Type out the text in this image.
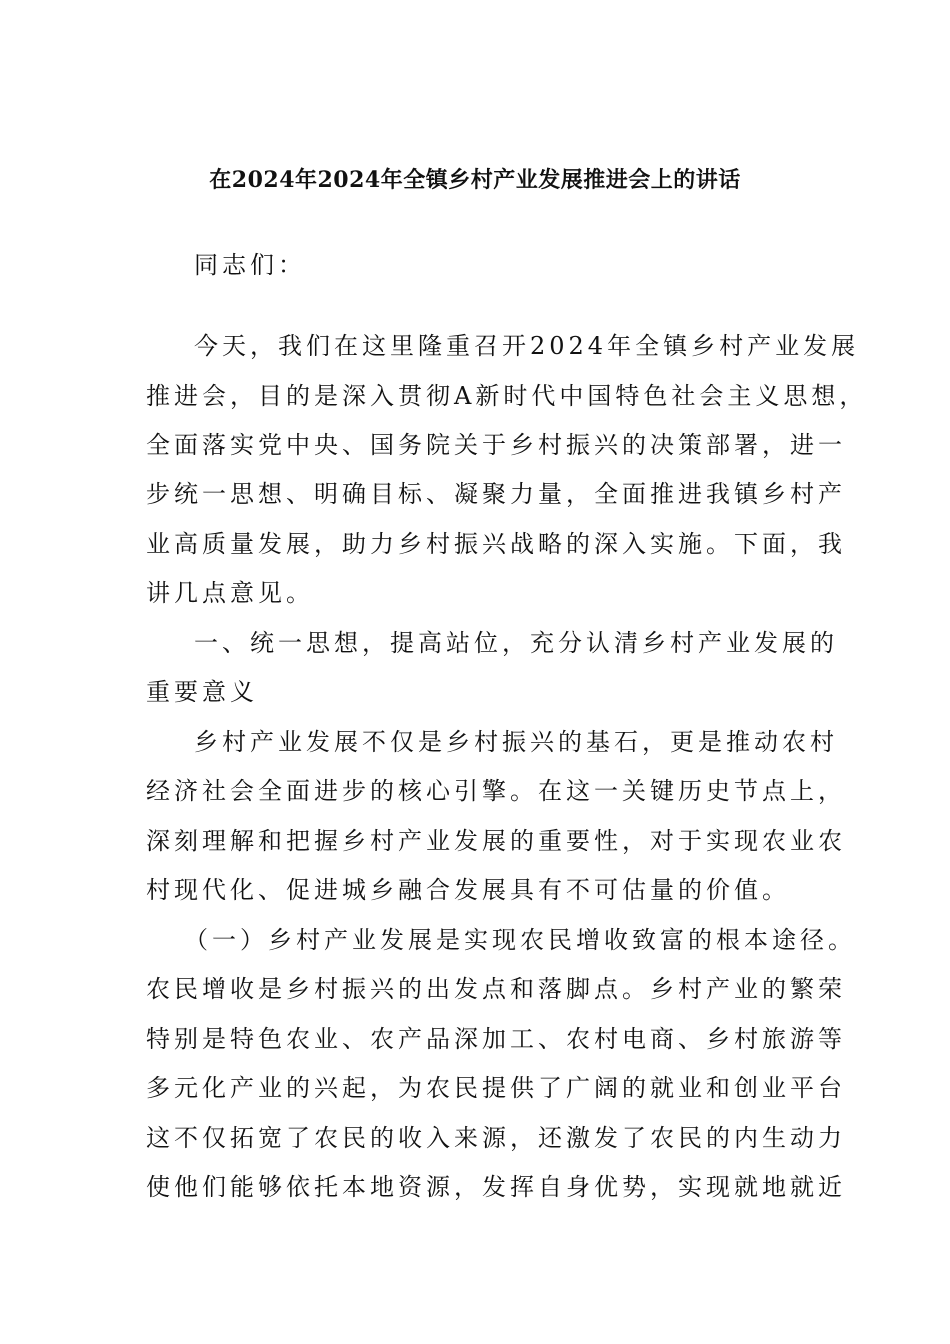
在2024年2024年全镇乡村产业发展推进会上的讲话
同志们：
今天，我们在这里隆重召开2024年全镇乡村产业发展
推进会，目的是深入贯彻A新时代中国特色社会主义思想，
全面落实党中央、国务院关于乡村振兴的决策部署，进一
步统一思想、明确目标、凝聚力量，全面推进我镇乡村产
业高质量发展，助力乡村振兴战略的深入实施。下面，我
讲几点意见。
一、统一思想，提高站位，充分认清乡村产业发展的
重要意义
乡村产业发展不仅是乡村振兴的基石，更是推动农村
经济社会全面进步的核心引擎。在这一关键历史节点上，
深刻理解和把握乡村产业发展的重要性，对于实现农业农
村现代化、促进城乡融合发展具有不可估量的价值。
（一）乡村产业发展是实现农民增收致富的根本途径。
农民增收是乡村振兴的出发点和落脚点。乡村产业的繁荣
特别是特色农业、农产品深加工、农村电商、乡村旅游等
多元化产业的兴起，为农民提供了广阔的就业和创业平台
这不仅拓宽了农民的收入来源，还激发了农民的内生动力
使他们能够依托本地资源，发挥自身优势，实现就地就近
